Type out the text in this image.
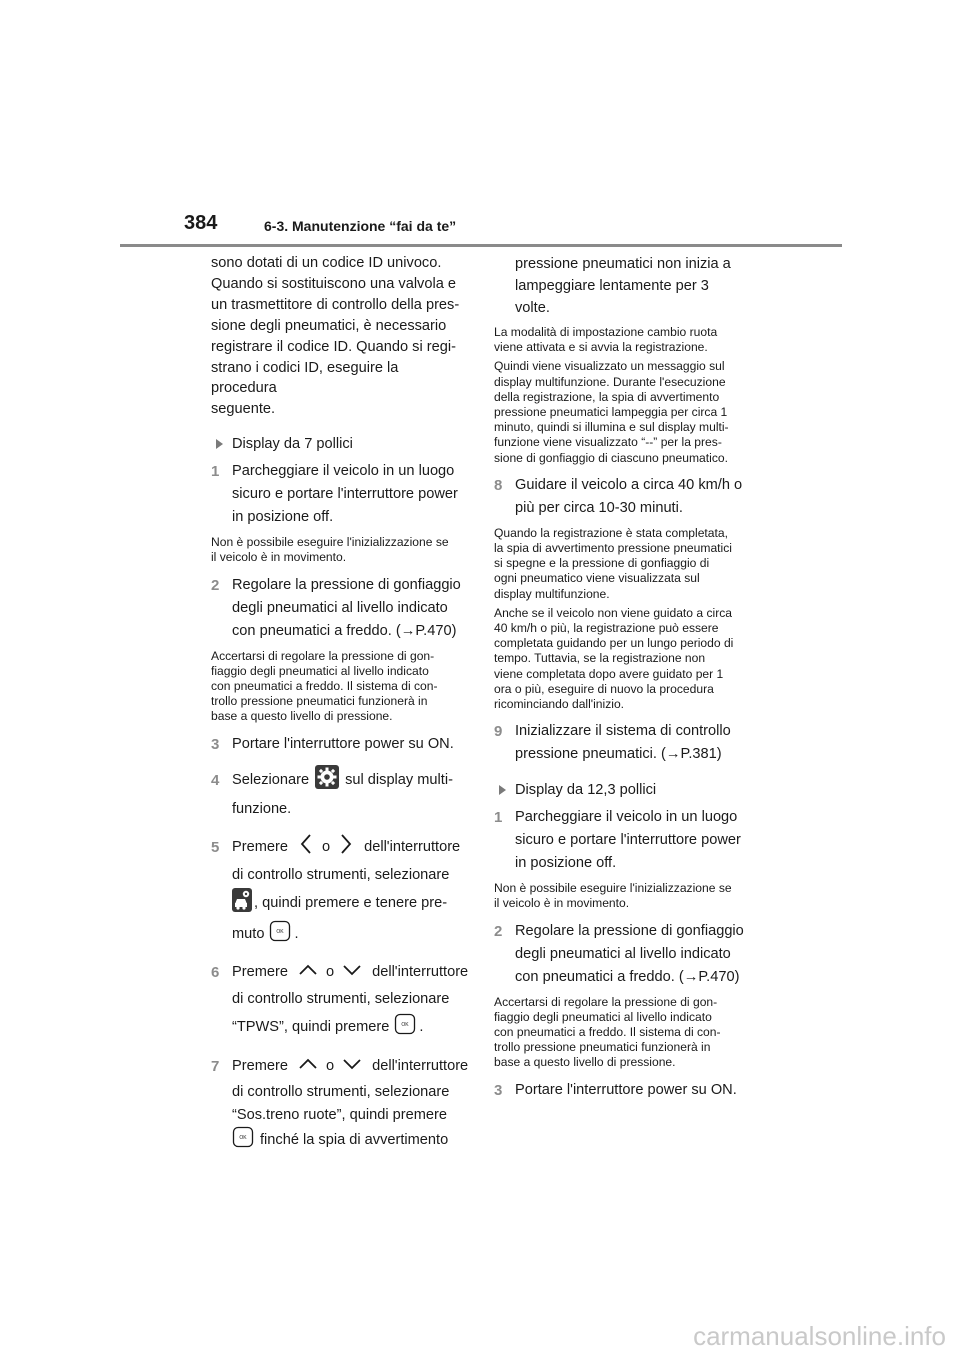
384	6-3. Manutenzione “fai da te”

sono dotati di un codice ID univoco.

Quando si sostituiscono una valvola e

un trasmettitore di controllo della pres-

sione degli pneumatici, è necessario

registrare il codice ID. Quando si regi-

strano i codici ID, eseguire la procedura

seguente.

Display da 7 pollici
1 Parcheggiare il veicolo in un luogo
sicuro e portare l'interruttore power
in posizione off.

Non è possibile eseguire l'inizializzazione se

il veicolo è in movimento.

2 Regolare la pressione di gonfiaggio
degli pneumatici al livello indicato
con pneumatici a freddo. (→P.470)

Accertarsi di regolare la pressione di gon-

fiaggio degli pneumatici al livello indicato

con pneumatici a freddo. Il sistema di con-

trollo pressione pneumatici funzionerà in

base a questo livello di pressione.

3 Portare l'interruttore power su ON.
4 Selezionare sul display multi-
funzione.
5 Premere o dell'interruttore
di controllo strumenti, selezionare
, quindi premere e tenere pre-
muto OK .
6 Premere	o	dell'interruttore
di controllo strumenti, selezionare
“TPWS”, quindi premere OK .
7 Premere	o	dell'interruttore
di controllo strumenti, selezionare
“Sos.treno ruote”, quindi premere
OK finché la spia di avvertimento
pressione pneumatici non inizia a
lampeggiare lentamente per 3 volte.

La modalità di impostazione cambio ruota

viene attivata e si avvia la registrazione.

Quindi viene visualizzato un messaggio sul

display multifunzione. Durante l'esecuzione

della registrazione, la spia di avvertimento

pressione pneumatici lampeggia per circa 1

minuto, quindi si illumina e sul display multi-

funzione viene visualizzato “--” per la pres-

sione di gonfiaggio di ciascuno pneumatico.

8 Guidare il veicolo a circa 40 km/h o
più per circa 10-30 minuti.

Quando la registrazione è stata completata,

la spia di avvertimento pressione pneumatici

si spegne e la pressione di gonfiaggio di

ogni pneumatico viene visualizzata sul

display multifunzione.

Anche se il veicolo non viene guidato a circa

40 km/h o più, la registrazione può essere

completata guidando per un lungo periodo di

tempo. Tuttavia, se la registrazione non

viene completata dopo avere guidato per 1

ora o più, eseguire di nuovo la procedura

ricominciando dall'inizio.

9 Inizializzare il sistema di controllo
pressione pneumatici. (→P.381)
Display da 12,3 pollici
1 Parcheggiare il veicolo in un luogo
sicuro e portare l'interruttore power
in posizione off.

Non è possibile eseguire l'inizializzazione se

il veicolo è in movimento.

2 Regolare la pressione di gonfiaggio
degli pneumatici al livello indicato
con pneumatici a freddo. (→P.470)

Accertarsi di regolare la pressione di gon-

fiaggio degli pneumatici al livello indicato

con pneumatici a freddo. Il sistema di con-

trollo pressione pneumatici funzionerà in

base a questo livello di pressione.

3 Portare l'interruttore power su ON.
carmanualsonline.info
